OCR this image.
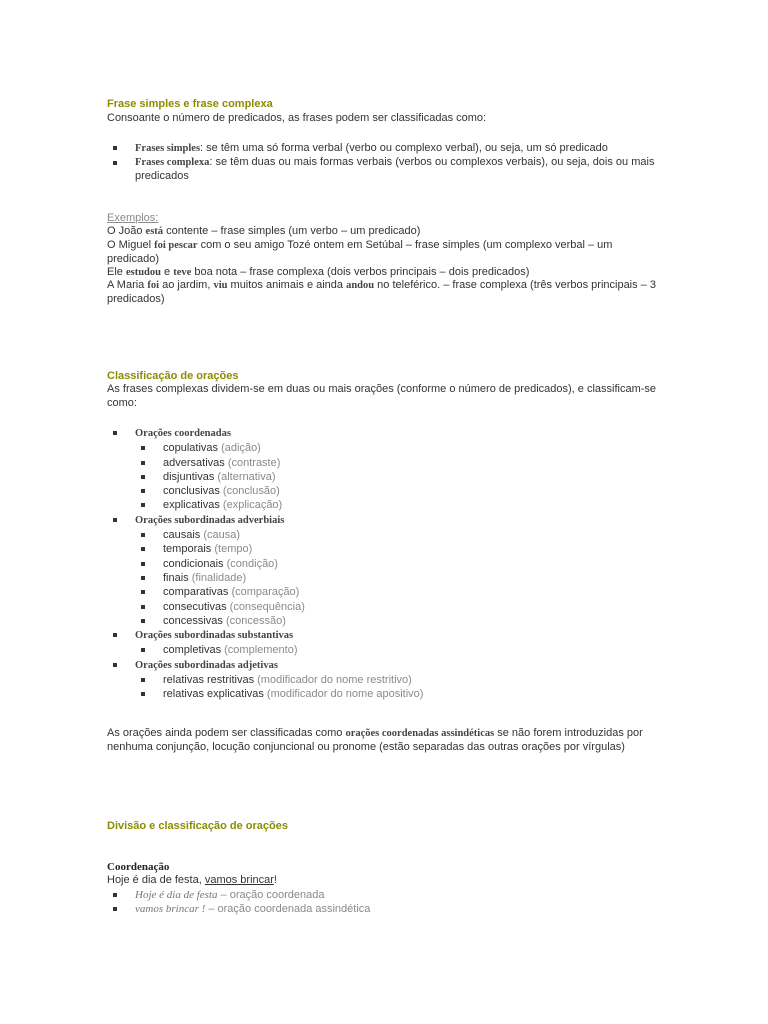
Frase simples e frase complexa
Consoante o número de predicados, as frases podem ser classificadas como:
Frases simples: se têm uma só forma verbal (verbo ou complexo verbal), ou seja, um só predicado
Frases complexa: se têm duas ou mais formas verbais (verbos ou complexos verbais), ou seja, dois ou mais predicados
Exemplos:
O João está contente – frase simples (um verbo – um predicado)
O Miguel foi pescar com o seu amigo Tozé ontem em Setúbal – frase simples (um complexo verbal – um predicado)
Ele estudou e teve boa nota – frase complexa (dois verbos principais – dois predicados)
A Maria foi ao jardim, viu muitos animais e ainda andou no teleférico. – frase complexa (três verbos principais – 3 predicados)
Classificação de orações
As frases complexas dividem-se em duas ou mais orações (conforme o número de predicados), e classificam-se como:
Orações coordenadas
copulativas (adição)
adversativas (contraste)
disjuntivas (alternativa)
conclusivas (conclusão)
explicativas (explicação)
Orações subordinadas adverbiais
causais (causa)
temporais (tempo)
condicionais (condição)
finais (finalidade)
comparativas (comparação)
consecutivas (consequência)
concessivas (concessão)
Orações subordinadas substantivas
completivas (complemento)
Orações subordinadas adjetivas
relativas restritivas (modificador do nome restritivo)
relativas explicativas (modificador do nome apositivo)
As orações ainda podem ser classificadas como orações coordenadas assindéticas se não forem introduzidas por nenhuma conjunção, locução conjuncional ou pronome (estão separadas das outras orações por vírgulas)
Divisão e classificação de orações
Coordenação
Hoje é dia de festa, vamos brincar!
Hoje é dia de festa – oração coordenada
vamos brincar ! – oração coordenada assindética
